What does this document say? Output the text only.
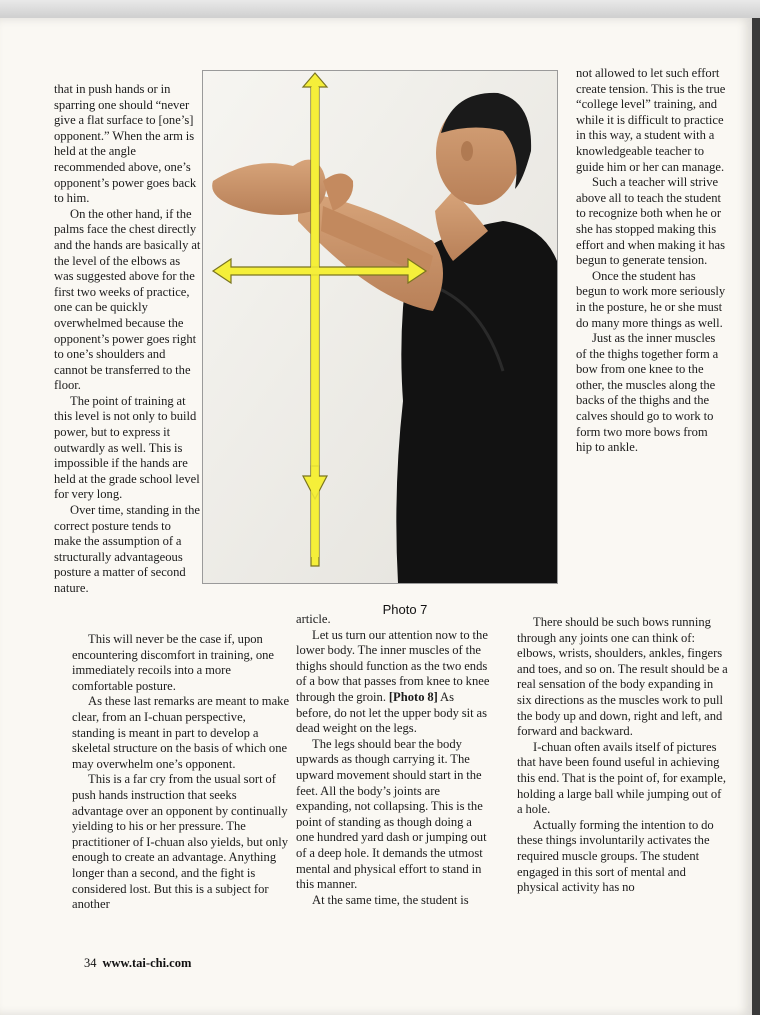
that in push hands or in sparring one should “never give a flat surface to [one’s] opponent.” When the arm is held at the angle recommended above, one’s opponent’s power goes back to him.

On the other hand, if the palms face the chest directly and the hands are basically at the level of the elbows as was suggested above for the first two weeks of practice, one can be quickly overwhelmed because the opponent’s power goes right to one’s shoulders and cannot be transferred to the floor.

The point of training at this level is not only to build power, but to express it outwardly as well. This is impossible if the hands are held at the grade school level for very long.

Over time, standing in the correct posture tends to make the assumption of a structurally advantageous posture a matter of second nature.

This will never be the case if, upon encountering discomfort in training, one immediately recoils into a more comfortable posture.

As these last remarks are meant to make clear, from an I-chuan perspective, standing is meant in part to develop a skeletal structure on the basis of which one may overwhelm one’s opponent.

This is a far cry from the usual sort of push hands instruction that seeks advantage over an opponent by continually yielding to his or her pressure. The practitioner of I-chuan also yields, but only enough to create an advantage. Anything longer than a second, and the fight is considered lost. But this is a subject for another

Photo 7

article.

Let us turn our attention now to the lower body. The inner muscles of the thighs should function as the two ends of a bow that passes from knee to knee through the groin. [Photo 8] As before, do not let the upper body sit as dead weight on the legs.

The legs should bear the body upwards as though carrying it. The upward movement should start in the feet. All the body’s joints are expanding, not collapsing. This is the point of standing as though doing a one hundred yard dash or jumping out of a deep hole. It demands the utmost mental and physical effort to stand in this manner.

At the same time, the student is

not allowed to let such effort create tension. This is the true “college level” training, and while it is difficult to practice in this way, a student with a knowledgeable teacher to guide him or her can manage.

Such a teacher will strive above all to teach the student to recognize both when he or she has stopped making this effort and when making it has begun to generate tension.

Once the student has begun to work more seriously in the posture, he or she must do many more things as well.

Just as the inner muscles of the thighs together form a bow from one knee to the other, the muscles along the backs of the thighs and the calves should go to work to form two more bows from hip to ankle.

There should be such bows running through any joints one can think of: elbows, wrists, shoulders, ankles, fingers and toes, and so on. The result should be a real sensation of the body expanding in six directions as the muscles work to pull the body up and down, right and left, and forward and backward.

I-chuan often avails itself of pictures that have been found useful in achieving this end. That is the point of, for example, holding a large ball while jumping out of a hole.

Actually forming the intention to do these things involuntarily activates the required muscle groups. The student engaged in this sort of mental and physical activity has no

34 www.tai-chi.com
